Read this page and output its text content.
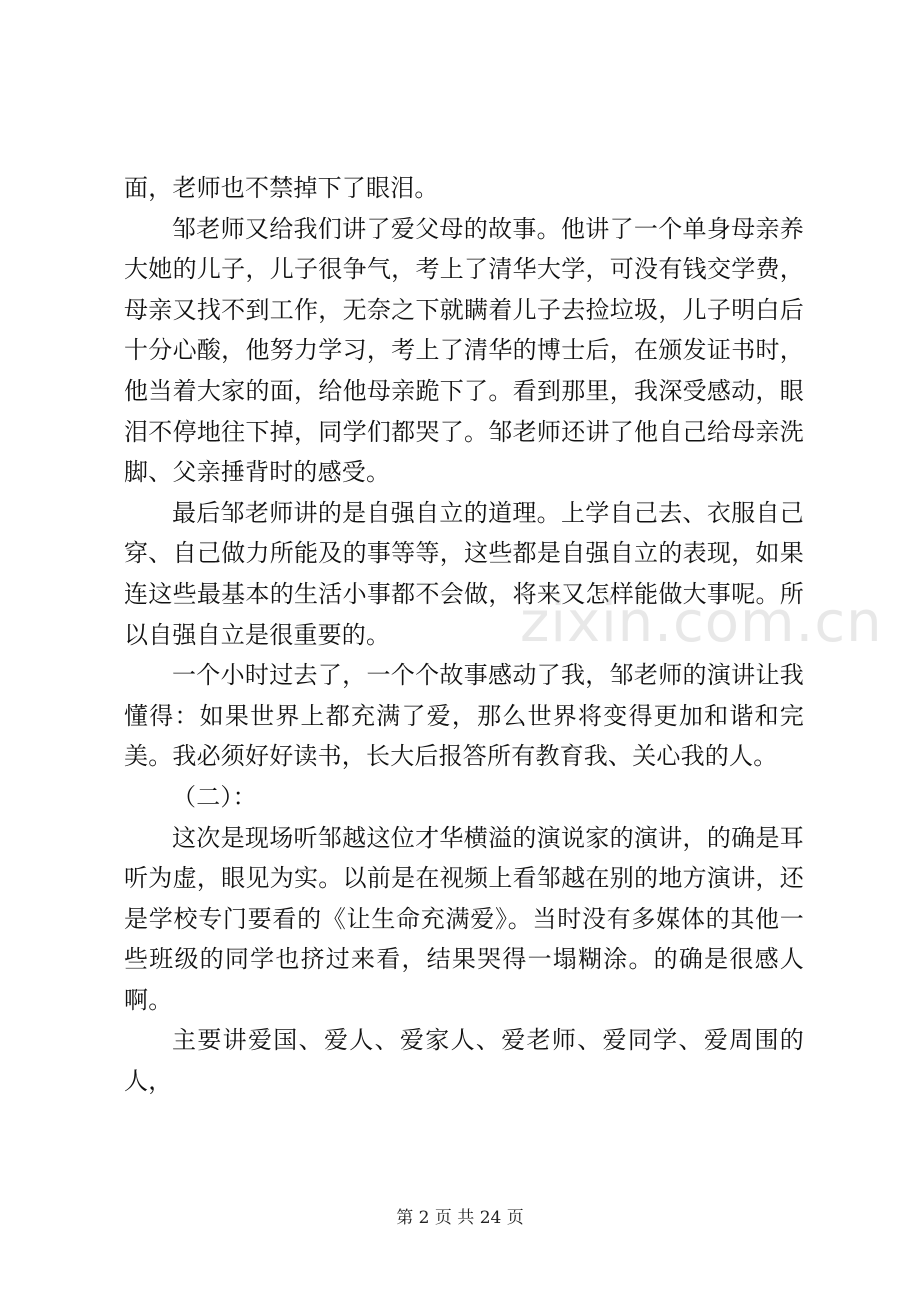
面，老师也不禁掉下了眼泪。

邹老师又给我们讲了爱父母的故事。他讲了一个单身母亲养大她的儿子，儿子很争气，考上了清华大学，可没有钱交学费，母亲又找不到工作，无奈之下就瞒着儿子去捡垃圾，儿子明白后十分心酸，他努力学习，考上了清华的博士后，在颁发证书时，他当着大家的面，给他母亲跪下了。看到那里，我深受感动，眼泪不停地往下掉，同学们都哭了。邹老师还讲了他自己给母亲洗脚、父亲捶背时的感受。

最后邹老师讲的是自强自立的道理。上学自己去、衣服自己穿、自己做力所能及的事等等，这些都是自强自立的表现，如果连这些最基本的生活小事都不会做，将来又怎样能做大事呢。所以自强自立是很重要的。

一个小时过去了，一个个故事感动了我，邹老师的演讲让我懂得：如果世界上都充满了爱，那么世界将变得更加和谐和完美。我必须好好读书，长大后报答所有教育我、关心我的人。

（二）：

这次是现场听邹越这位才华横溢的演说家的演讲，的确是耳听为虚，眼见为实。以前是在视频上看邹越在别的地方演讲，还是学校专门要看的《让生命充满爱》。当时没有多媒体的其他一些班级的同学也挤过来看，结果哭得一塌糊涂。的确是很感人啊。

主要讲爱国、爱人、爱家人、爱老师、爱同学、爱周围的人，

zixin.com.cn
第 2 页 共 24 页
